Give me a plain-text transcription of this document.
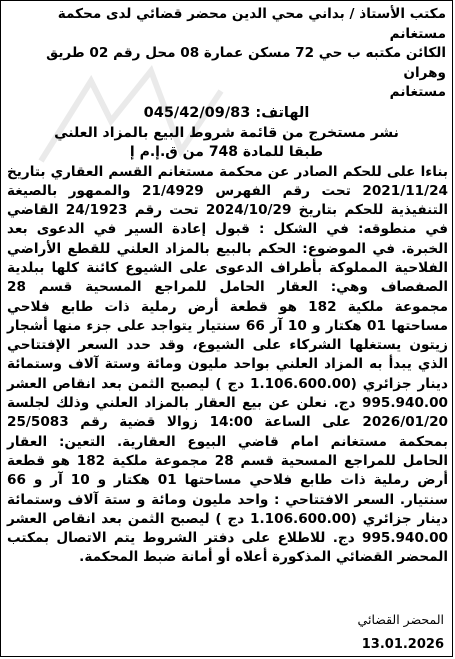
مكتب الأستاذ / بداني محي الدين محضر قضائي لدى محكمة مستغانم
الكائن مكتبه ب حي 72 مسكن عمارة 08 محل رقم 02 طريق وهران
مستغانم
الهاتف: 045/42/09/83
نشر مستخرج من قائمة شروط البيع بالمزاد العلني
طبقا للمادة 748 من ق.إ.م إ
بناءا على للحكم الصادر عن محكمة مستغانم القسم العقاري بتاريخ 2021/11/24 تحت رقم الفهرس 21/4929 والممهور بالصيغة التنفيذية للحكم بتاريخ 2024/10/29 تحت رقم 24/1923 القاضي في منطوقه: في الشكل : قبول إعادة السير في الدعوى بعد الخبرة. في الموضوع: الحكم بالبيع بالمزاد العلني للقطع الأراضي الفلاحية المملوكة بأطراف الدعوى على الشيوع كائنة كلها ببلدية الصفصاف وهي: العقار الحامل للمراجع المسحية قسم 28 مجموعة ملكية 182 هو قطعة أرض رملية ذات طابع فلاحي مساحتها 01 هكتار و 10 آر 66 سنتيار يتواجد على جزء منها أشجار زيتون يستغلها الشركاء على الشيوع، وقد حدد السعر الإفتتاحي الذي يبدأ به المزاد العلني بواحد مليون ومائة وستة آلاف وستمائة دينار جزائري (1.106.600.00 دج ) ليصبح الثمن بعد انقاص العشر 995.940.00 دج. نعلن عن بيع العقار بالمزاد العلني وذلك لجلسة 2026/01/20 على الساعة 14:00 زوالا قضية رقم 25/5083 بمحكمة مستغانم امام قاضي البيوع العقارية. التعين: العقار الحامل للمراجع المسحية قسم 28 مجموعة ملكية 182 هو قطعة أرض رملية ذات طابع فلاحي مساحتها 01 هكتار و 10 آر و 66 سنتيار. السعر الافتتاحي : واحد مليون ومائة و ستة آلاف وستمائة دينار جزائري (1.106.600.00 دج ) ليصبح الثمن بعد انقاص العشر 995.940.00 دج. للاطلاع على دفتر الشروط يتم الاتصال بمكتب المحضر القضائي المذكورة أعلاه أو أمانة ضبط المحكمة.
المحضر القضائي
13.01.2026
